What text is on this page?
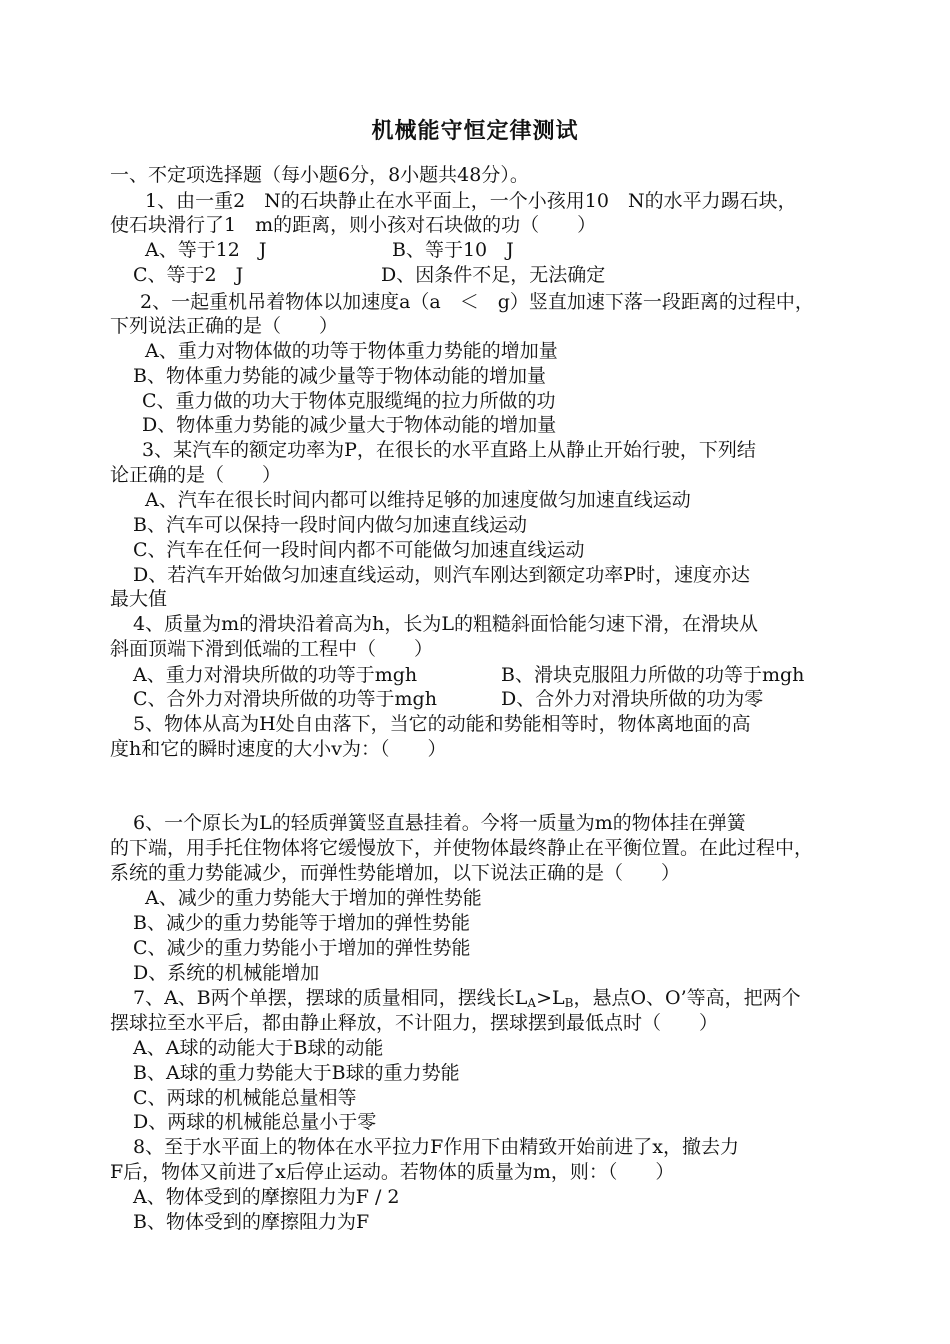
机械能守恒定律测试
一、不定项选择题（每小题6分，8小题共48分）。
1、由一重2　N的石块静止在水平面上，一个小孩用10　N的水平力踢石块，
使石块滑行了1　m的距离，则小孩对石块做的功（　　）
A、等于12　J	B、等于10　J
C、等于2　J	D、因条件不足，无法确定
2、一起重机吊着物体以加速度a（a　＜　g）竖直加速下落一段距离的过程中，
下列说法正确的是（　　）
A、重力对物体做的功等于物体重力势能的增加量
B、物体重力势能的减少量等于物体动能的增加量
C、重力做的功大于物体克服缆绳的拉力所做的功
D、物体重力势能的减少量大于物体动能的增加量
3、某汽车的额定功率为P，在很长的水平直路上从静止开始行驶，下列结
论正确的是（　　）
A、汽车在很长时间内都可以维持足够的加速度做匀加速直线运动
B、汽车可以保持一段时间内做匀加速直线运动
C、汽车在任何一段时间内都不可能做匀加速直线运动
D、若汽车开始做匀加速直线运动，则汽车刚达到额定功率P时，速度亦达
最大值
4、质量为m的滑块沿着高为h，长为L的粗糙斜面恰能匀速下滑，在滑块从
斜面顶端下滑到低端的工程中（　　）
A、重力对滑块所做的功等于mgh	B、滑块克服阻力所做的功等于mgh
C、合外力对滑块所做的功等于mgh	D、合外力对滑块所做的功为零
5、物体从高为H处自由落下，当它的动能和势能相等时，物体离地面的高
度h和它的瞬时速度的大小v为：（　　）
6、一个原长为L的轻质弹簧竖直悬挂着。今将一质量为m的物体挂在弹簧
的下端，用手托住物体将它缓慢放下，并使物体最终静止在平衡位置。在此过程中，
系统的重力势能减少，而弹性势能增加，以下说法正确的是（　　）
A、减少的重力势能大于增加的弹性势能
B、减少的重力势能等于增加的弹性势能
C、减少的重力势能小于增加的弹性势能
D、系统的机械能增加
7、A、B两个单摆，摆球的质量相同，摆线长$L_A>L_B$，悬点O、O’等高，把两个
摆球拉至水平后，都由静止释放，不计阻力，摆球摆到最低点时（　　）
A、A球的动能大于B球的动能
B、A球的重力势能大于B球的重力势能
C、两球的机械能总量相等
D、两球的机械能总量小于零
8、至于水平面上的物体在水平拉力F作用下由精致开始前进了x，撤去力
F后，物体又前进了x后停止运动。若物体的质量为m，则：（　　）
A、物体受到的摩擦阻力为F / 2
B、物体受到的摩擦阻力为F
